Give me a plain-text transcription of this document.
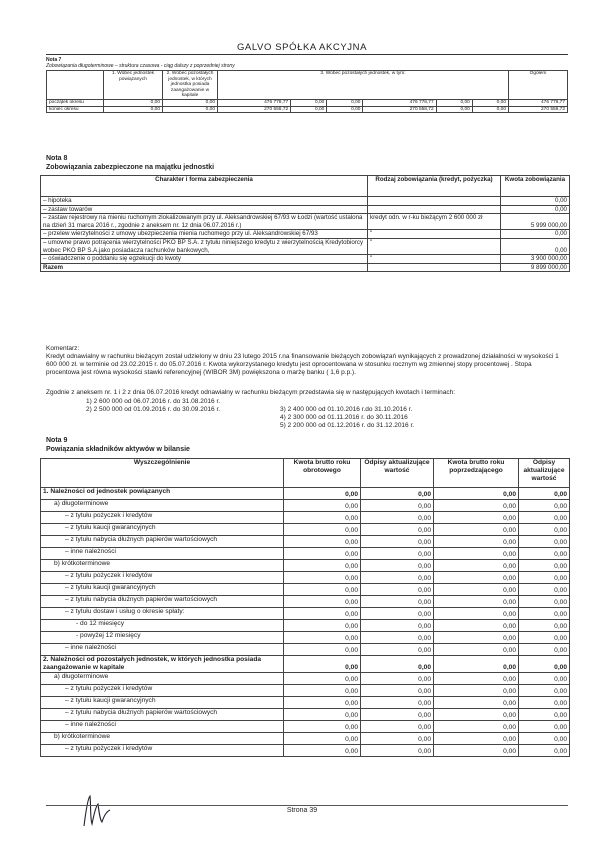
GALVO SPÓŁKA AKCYJNA
Nota 7
Zobowiązania długoterminowe – struktura czasowa - ciąg dalszy z poprzedniej strony
	1. Wobec jednostek powiązanych	2. Wobec pozostałych jednostek, w których jednostka posiada zaangażowanie w kapitale	3. Wobec pozostałych jednostek, w tym:						Ogółem
początek okresu	0,00	0,00	476 778,77	0,00	0,00	476 778,77	0,00	0,00	476 778,77
koniec okresu	0,00	0,00	270 558,72	0,00	0,00	270 558,72	0,00	0,00	270 558,72
Nota 8
Zobowiązania zabezpieczone na majątku jednostki
Charakter i forma zabezpieczenia	Rodzaj zobowiązania (kredyt, pożyczka)	Kwota zobowiązania
– hipoteka		0,00
– zastaw towarów		0,00
– zastaw rejestrowy na mieniu ruchomym zlokalizowanym przy ul. Aleksandrowskiej 67/93 w Łodzi (wartość ustalona na dzień 31 marca 2016 r., zgodnie z aneksem nr. 1z dnia 06.07.2016 r.)	kredyt odn. w r-ku bieżącym 2 600 000 zł	5 999 000,00
– przelew wierzytelności z umowy ubezpieczenia mienia ruchomego przy ul. Aleksandrowskiej 67/93	"	0,00
– umowne prawo potrącenia wierzytelności PKO BP S.A. z tytułu niniejszego kredytu z wierzytelnością Kredytobiorcy wobec PKO BP S.A.jako posiadacza rachunków bankowych,	"	0,00
– oświadczenie o poddaniu się egzekucji do kwoty	"	3 900 000,00
Razem		9 899 000,00
Komentarz:
Kredyt odnawialny w rachunku bieżącym został udzielony w dniu 23 lutego 2015 r.na finansowanie bieżących zobowiązań wynikających z prowadzonej działalności w wysokości 1 600 000 zł. w terminie od 23.02.2015 r. do 05.07.2016 r. Kwota wykorzystanego kredytu jest oprocentowana w stosunku rocznym wg zmiennej stopy procentowej . Stopa procentowa jest równa wysokości stawki referencyjnej (WIBOR 3M) powiększona o marżę banku ( 1,6 p.p.).
Zgodnie z aneksem nr. 1 i 2 z dnia 06.07.2016 kredyt odnawialny w rachunku bieżącym przedstawia się w następujących kwotach i terminach:
1) 2 600 000 od 06.07.2016 r. do 31.08.2016 r.
2) 2 500 000 od 01.09.2016 r. do 30.09.2016 r.	3) 2 400 000 od 01.10.2016 r.do 31.10.2016 r.
4) 2 300 000 od 01.11.2016 r. do 30.11.2016
5) 2 200 000 od 01.12.2016 r. do 31.12.2016 r.
Nota 9
Powiązania składników aktywów w bilansie
Wyszczególnienie	Kwota brutto roku obrotowego	Odpisy aktualizujące wartość	Kwota brutto roku poprzedzającego	Odpisy aktualizujące wartość
1. Należności od jednostek powiązanych	0,00	0,00	0,00	0,00
a) długoterminowe	0,00	0,00	0,00	0,00
– z tytułu pożyczek i kredytów	0,00	0,00	0,00	0,00
– z tytułu kaucji gwarancyjnych	0,00	0,00	0,00	0,00
– z tytułu nabycia dłużnych papierów wartościowych	0,00	0,00	0,00	0,00
– inne należności	0,00	0,00	0,00	0,00
b) krótkoterminowe	0,00	0,00	0,00	0,00
– z tytułu pożyczek i kredytów	0,00	0,00	0,00	0,00
– z tytułu kaucji gwarancyjnych	0,00	0,00	0,00	0,00
– z tytułu nabycia dłużnych papierów wartościowych	0,00	0,00	0,00	0,00
– z tytułu dostaw i usług o okresie spłaty:	0,00	0,00	0,00	0,00
- do 12 miesięcy	0,00	0,00	0,00	0,00
- powyżej 12 miesięcy	0,00	0,00	0,00	0,00
– inne należności	0,00	0,00	0,00	0,00
2. Należności od pozostałych jednostek, w których jednostka posiada zaangażowanie w kapitale	0,00	0,00	0,00	0,00
a) długoterminowe	0,00	0,00	0,00	0,00
– z tytułu pożyczek i kredytów	0,00	0,00	0,00	0,00
– z tytułu kaucji gwarancyjnych	0,00	0,00	0,00	0,00
– z tytułu nabycia dłużnych papierów wartościowych	0,00	0,00	0,00	0,00
– inne należności	0,00	0,00	0,00	0,00
b) krótkoterminowe	0,00	0,00	0,00	0,00
– z tytułu pożyczek i kredytów	0,00	0,00	0,00	0,00
Strona 39
